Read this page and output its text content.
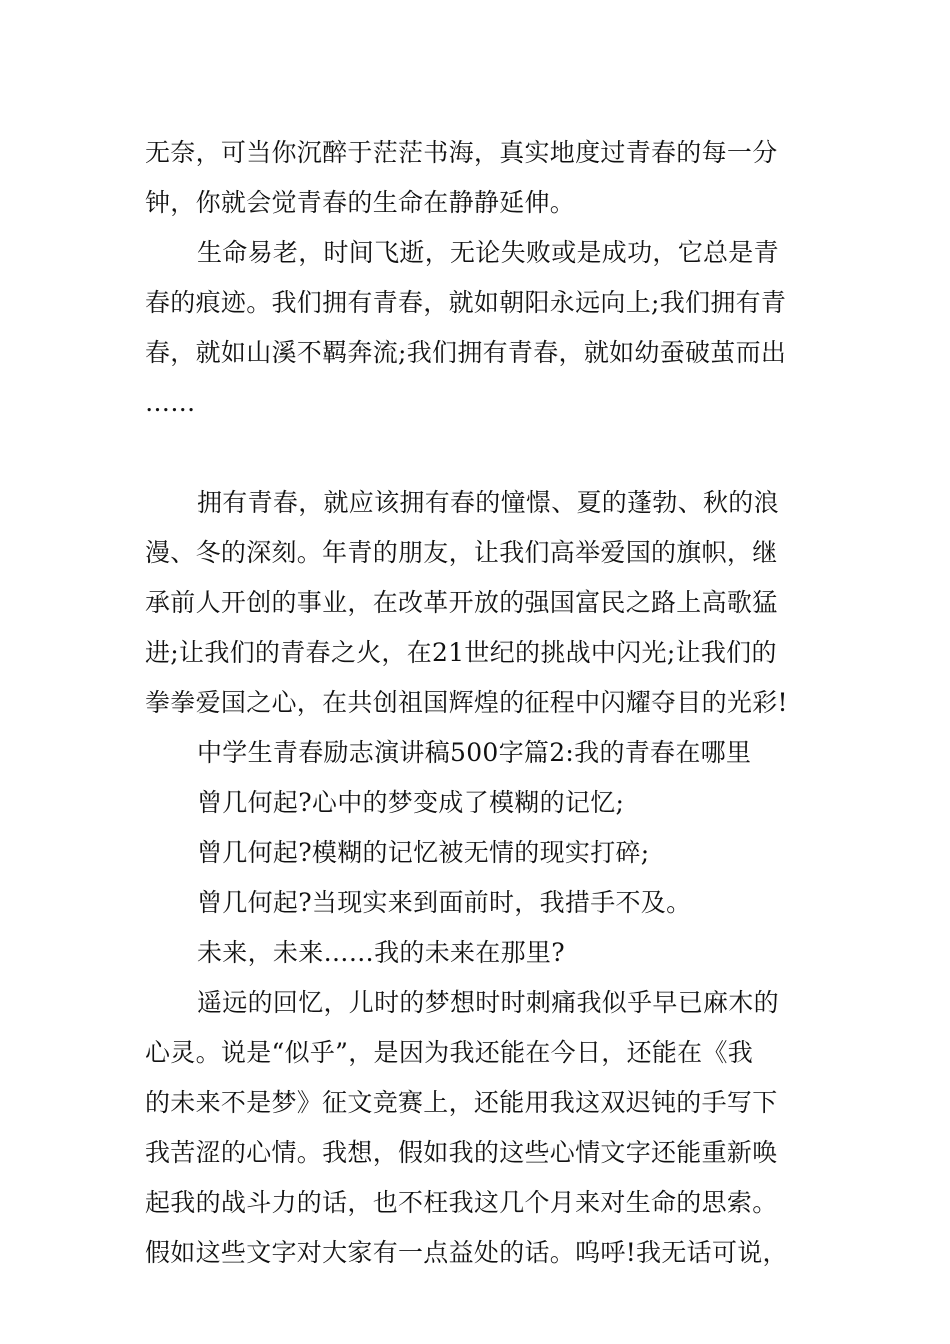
无奈，可当你沉醉于茫茫书海，真实地度过青春的每一分
钟，你就会觉青春的生命在静静延伸。
生命易老，时间飞逝，无论失败或是成功，它总是青
春的痕迹。我们拥有青春，就如朝阳永远向上;我们拥有青
春，就如山溪不羁奔流;我们拥有青春，就如幼蚕破茧而出
……
拥有青春，就应该拥有春的憧憬、夏的蓬勃、秋的浪
漫、冬的深刻。年青的朋友，让我们高举爱国的旗帜，继
承前人开创的事业，在改革开放的强国富民之路上高歌猛
进;让我们的青春之火，在21世纪的挑战中闪光;让我们的
拳拳爱国之心，在共创祖国辉煌的征程中闪耀夺目的光彩!
中学生青春励志演讲稿500字篇2:我的青春在哪里
曾几何起?心中的梦变成了模糊的记忆;
曾几何起?模糊的记忆被无情的现实打碎;
曾几何起?当现实来到面前时，我措手不及。
未来，未来……我的未来在那里?
遥远的回忆，儿时的梦想时时刺痛我似乎早已麻木的
心灵。说是“似乎”，是因为我还能在今日，还能在《我
的未来不是梦》征文竞赛上，还能用我这双迟钝的手写下
我苦涩的心情。我想，假如我的这些心情文字还能重新唤
起我的战斗力的话，也不枉我这几个月来对生命的思索。
假如这些文字对大家有一点益处的话。呜呼!我无话可说，
